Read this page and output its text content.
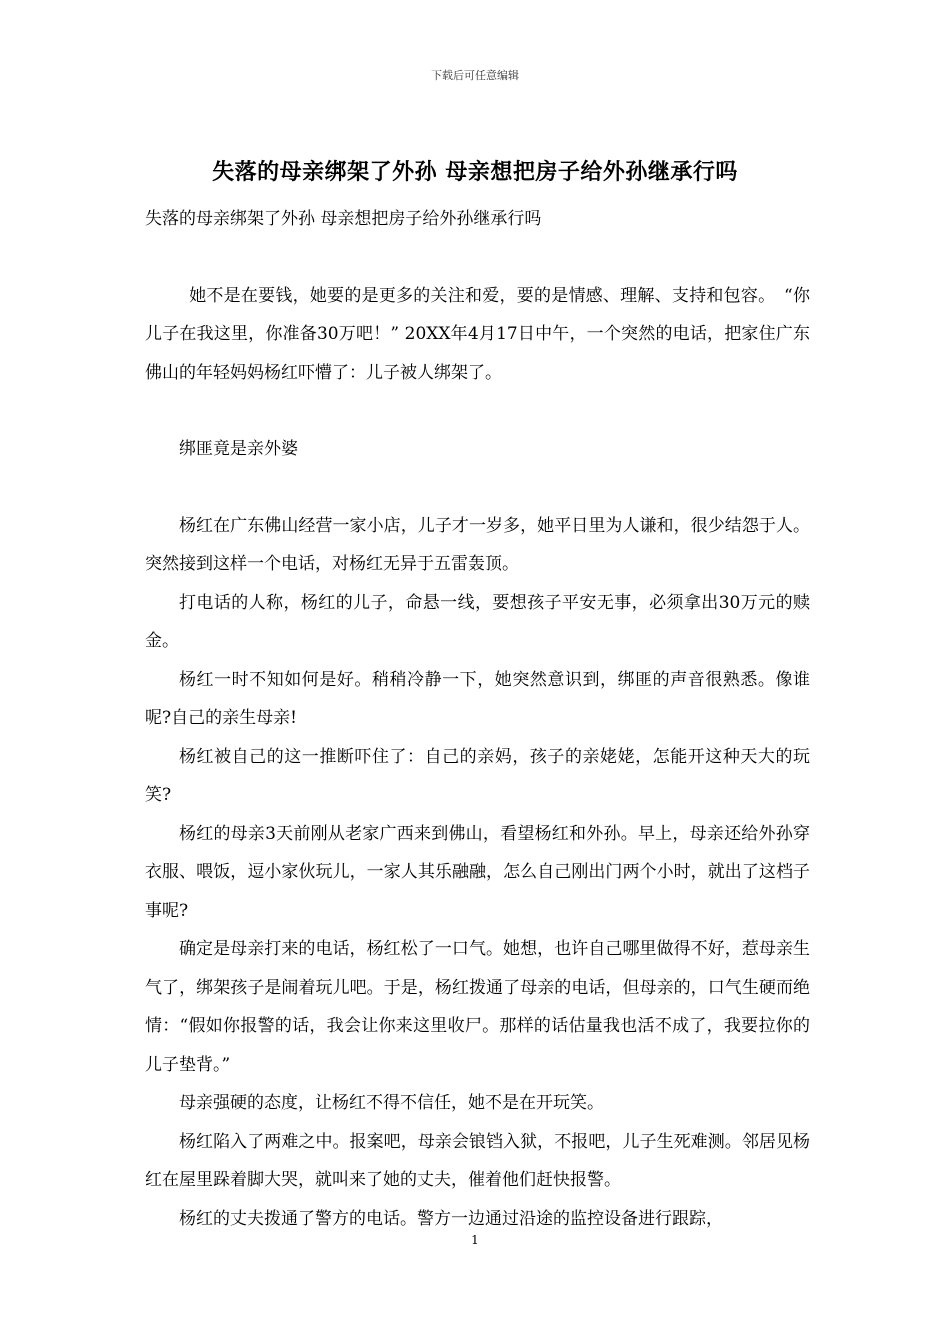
下载后可任意编辑
失落的母亲绑架了外孙 母亲想把房子给外孙继承行吗

失落的母亲绑架了外孙 母亲想把房子给外孙继承行吗

她不是在要钱，她要的是更多的关注和爱，要的是情感、理解、支持和包容。　“你儿子在我这里，你准备30万吧！” 20XX年4月17日中午，一个突然的电话，把家住广东佛山的年轻妈妈杨红吓懵了：儿子被人绑架了。

绑匪竟是亲外婆

杨红在广东佛山经营一家小店，儿子才一岁多，她平日里为人谦和，很少结怨于人。突然接到这样一个电话，对杨红无异于五雷轰顶。

打电话的人称，杨红的儿子，命悬一线，要想孩子平安无事，必须拿出30万元的赎金。

杨红一时不知如何是好。稍稍冷静一下，她突然意识到，绑匪的声音很熟悉。像谁呢?自己的亲生母亲!

杨红被自己的这一推断吓住了：自己的亲妈，孩子的亲姥姥，怎能开这种天大的玩笑?

杨红的母亲3天前刚从老家广西来到佛山，看望杨红和外孙。早上，母亲还给外孙穿衣服、喂饭，逗小家伙玩儿，一家人其乐融融，怎么自己刚出门两个小时，就出了这档子事呢?

确定是母亲打来的电话，杨红松了一口气。她想，也许自己哪里做得不好，惹母亲生气了，绑架孩子是闹着玩儿吧。于是，杨红拨通了母亲的电话，但母亲的，口气生硬而绝情：“假如你报警的话，我会让你来这里收尸。那样的话估量我也活不成了，我要拉你的儿子垫背。”

母亲强硬的态度，让杨红不得不信任，她不是在开玩笑。

杨红陷入了两难之中。报案吧，母亲会锒铛入狱，不报吧，儿子生死难测。邻居见杨红在屋里跺着脚大哭，就叫来了她的丈夫，催着他们赶快报警。

杨红的丈夫拨通了警方的电话。警方一边通过沿途的监控设备进行跟踪，

1
